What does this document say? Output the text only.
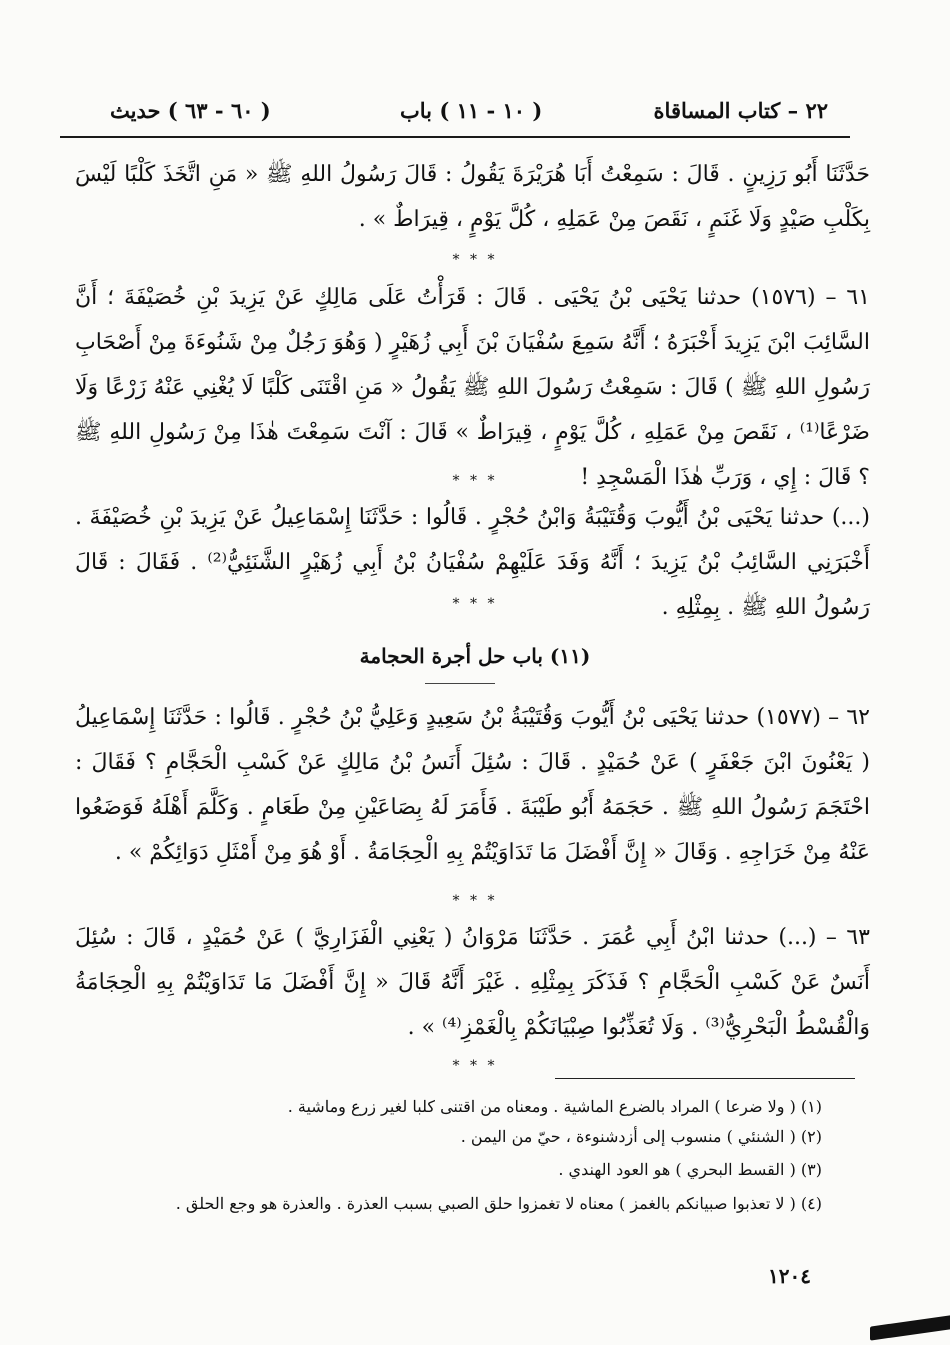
٢٢ – كتاب المساقاة
( ١٠ - ١١ ) باب
( ٦٠ - ٦٣ ) حديث
حَدَّثَنَا أَبُو رَزِينٍ . قَالَ : سَمِعْتُ أَبَا هُرَيْرَةَ يَقُولُ : قَالَ رَسُولُ اللهِ ﷺ « مَنِ اتَّخَذَ كَلْبًا لَيْسَ بِكَلْبِ صَيْدٍ وَلَا غَنَمٍ ، نَقَصَ مِنْ عَمَلِهِ ، كُلَّ يَوْمٍ ، قِيرَاطٌ » .
* * *
٦١ – (١٥٧٦) حدثنا يَحْيَى بْنُ يَحْيَى . قَالَ : قَرَأْتُ عَلَى مَالِكٍ عَنْ يَزِيدَ بْنِ خُصَيْفَةَ ؛ أَنَّ السَّائِبَ ابْنَ يَزِيدَ أَخْبَرَهُ ؛ أَنَّهُ سَمِعَ سُفْيَانَ بْنَ أَبِي زُهَيْرٍ ( وَهُوَ رَجُلٌ مِنْ شَنُوءَةَ مِنْ أَصْحَابِ رَسُولِ اللهِ ﷺ ) قَالَ : سَمِعْتُ رَسُولَ اللهِ ﷺ يَقُولُ « مَنِ اقْتَنَى كَلْبًا لَا يُغْنِي عَنْهُ زَرْعًا وَلَا ضَرْعًا⁽¹⁾ ، نَقَصَ مِنْ عَمَلِهِ ، كُلَّ يَوْمٍ ، قِيرَاطٌ » قَالَ : آنْتَ سَمِعْتَ هٰذَا مِنْ رَسُولِ اللهِ ﷺ ؟ قَالَ : إِي ، وَرَبِّ هٰذَا الْمَسْجِدِ !
* * *
(...) حدثنا يَحْيَى بْنُ أَيُّوبَ وَقُتَيْبَةُ وَابْنُ حُجْرٍ . قَالُوا : حَدَّثَنَا إِسْمَاعِيلُ عَنْ يَزِيدَ بْنِ خُصَيْفَةَ . أَخْبَرَنِي السَّائِبُ بْنُ يَزِيدَ ؛ أَنَّهُ وَفَدَ عَلَيْهِمْ سُفْيَانُ بْنُ أَبِي زُهَيْرٍ الشَّنَئِيُّ⁽²⁾ . فَقَالَ : قَالَ رَسُولُ اللهِ ﷺ . بِمِثْلِهِ .
* * *
(١١) باب حل أجرة الحجامة
٦٢ – (١٥٧٧) حدثنا يَحْيَى بْنُ أَيُّوبَ وَقُتَيْبَةُ بْنُ سَعِيدٍ وَعَلِيُّ بْنُ حُجْرٍ . قَالُوا : حَدَّثَنَا إِسْمَاعِيلُ ( يَعْنُونَ ابْنَ جَعْفَرٍ ) عَنْ حُمَيْدٍ . قَالَ : سُئِلَ أَنَسُ بْنُ مَالِكٍ عَنْ كَسْبِ الْحَجَّامِ ؟ فَقَالَ : احْتَجَمَ رَسُولُ اللهِ ﷺ . حَجَمَهُ أَبُو طَيْبَةَ . فَأَمَرَ لَهُ بِصَاعَيْنِ مِنْ طَعَامٍ . وَكَلَّمَ أَهْلَهُ فَوَضَعُوا عَنْهُ مِنْ خَرَاجِهِ . وَقَالَ « إِنَّ أَفْضَلَ مَا تَدَاوَيْتُمْ بِهِ الْحِجَامَةُ . أَوْ هُوَ مِنْ أَمْثَلِ دَوَائِكُمْ » .
* * *
٦٣ – (...) حدثنا ابْنُ أَبِي عُمَرَ . حَدَّثَنَا مَرْوَانُ ( يَعْنِي الْفَزَارِيَّ ) عَنْ حُمَيْدٍ ، قَالَ : سُئِلَ أَنَسٌ عَنْ كَسْبِ الْحَجَّامِ ؟ فَذَكَرَ بِمِثْلِهِ . غَيْرَ أَنَّهُ قَالَ « إِنَّ أَفْضَلَ مَا تَدَاوَيْتُمْ بِهِ الْحِجَامَةُ وَالْقُسْطُ الْبَحْرِيُّ⁽³⁾ . وَلَا تُعَذِّبُوا صِبْيَانَكُمْ بِالْغَمْزِ⁽⁴⁾ » .
* * *
(١) ( ولا ضرعا ) المراد بالضرع الماشية . ومعناه من اقتنى كلبا لغير زرع وماشية .
(٢) ( الشنئي ) منسوب إلى أزدشنوءة ، حيّ من اليمن .
(٣) ( القسط البحري ) هو العود الهندي .
(٤) ( لا تعذبوا صبيانكم بالغمز ) معناه لا تغمزوا حلق الصبي بسبب العذرة . والعذرة هو وجع الحلق .
١٢٠٤
